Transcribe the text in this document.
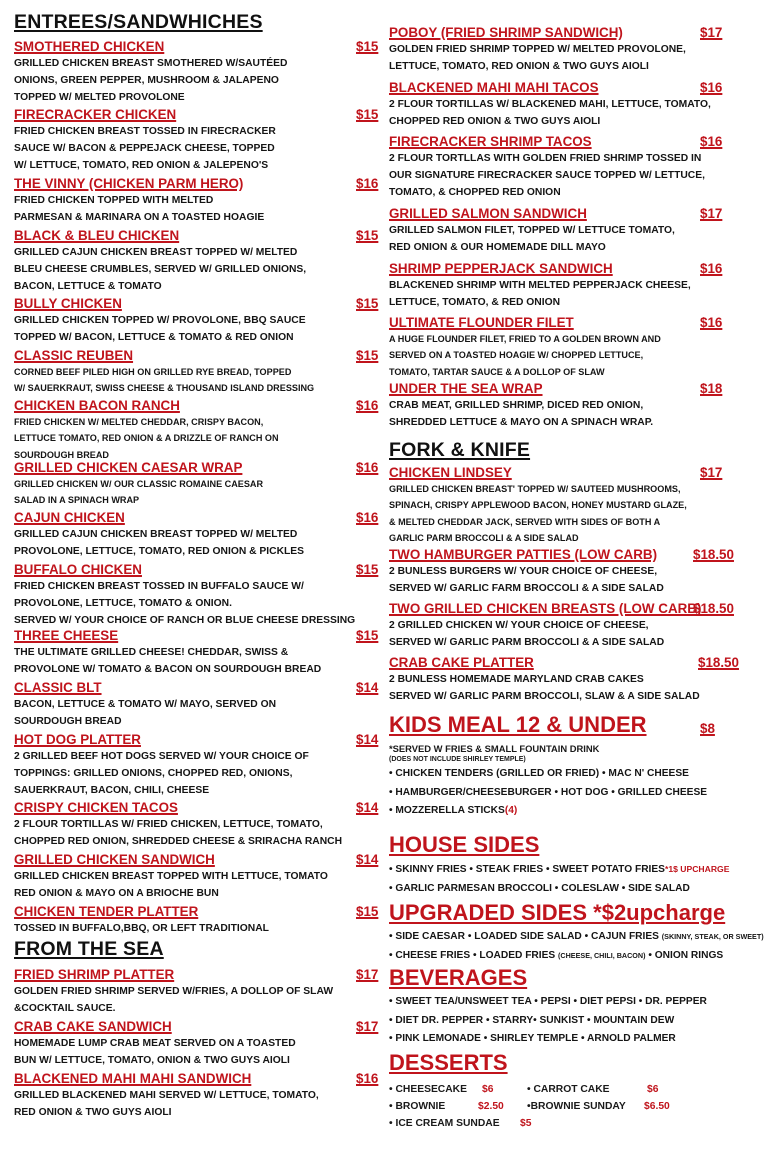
ENTREES/SANDWHICHES
SMOTHERED CHICKEN	$15
GRILLED CHICKEN BREAST SMOTHERED W/SAUTÉED
ONIONS, GREEN PEPPER, MUSHROOM & JALAPENO
TOPPED W/ MELTED PROVOLONE
FIRECRACKER CHICKEN	$15
FRIED CHICKEN BREAST TOSSED IN FIRECRACKER
SAUCE W/ BACON & PEPPEJACK CHEESE, TOPPED
W/ LETTUCE, TOMATO, RED ONION & JALEPENO'S
THE VINNY (CHICKEN PARM HERO)	$16
FRIED CHICKEN TOPPED WITH MELTED
PARMESAN & MARINARA ON A TOASTED HOAGIE
BLACK & BLEU CHICKEN	$15
GRILLED CAJUN CHICKEN BREAST TOPPED W/ MELTED
BLEU CHEESE CRUMBLES, SERVED W/ GRILLED ONIONS,
BACON, LETTUCE & TOMATO
BULLY CHICKEN	$15
GRILLED CHICKEN TOPPED W/ PROVOLONE, BBQ SAUCE
TOPPED W/ BACON, LETTUCE & TOMATO & RED ONION
CLASSIC REUBEN	$15
CORNED BEEF PILED HIGH ON GRILLED RYE BREAD, TOPPED
W/ SAUERKRAUT, SWISS CHEESE & THOUSAND ISLAND DRESSING
CHICKEN BACON RANCH	$16
FRIED CHICKEN W/ MELTED CHEDDAR, CRISPY BACON,
LETTUCE TOMATO, RED ONION & A DRIZZLE OF RANCH ON
SOURDOUGH BREAD
GRILLED CHICKEN CAESAR WRAP	$16
GRILLED CHICKEN W/ OUR CLASSIC ROMAINE CAESAR
SALAD IN A SPINACH WRAP
CAJUN CHICKEN	$16
GRILLED CAJUN CHICKEN BREAST TOPPED W/ MELTED
PROVOLONE, LETTUCE, TOMATO, RED ONION & PICKLES
BUFFALO CHICKEN	$15
FRIED CHICKEN BREAST TOSSED IN BUFFALO SAUCE W/
PROVOLONE, LETTUCE, TOMATO & ONION.
SERVED W/ YOUR CHOICE OF RANCH OR BLUE CHEESE DRESSING
THREE CHEESE	$15
THE ULTIMATE GRILLED CHEESE! CHEDDAR, SWISS &
PROVOLONE W/ TOMATO & BACON ON SOURDOUGH BREAD
CLASSIC BLT	$14
BACON, LETTUCE & TOMATO W/ MAYO, SERVED ON
SOURDOUGH BREAD
HOT DOG PLATTER	$14
2 GRILLED BEEF HOT DOGS SERVED W/ YOUR CHOICE OF
TOPPINGS: GRILLED ONIONS, CHOPPED RED, ONIONS,
SAUERKRAUT, BACON, CHILI, CHEESE
CRISPY CHICKEN TACOS	$14
2 FLOUR TORTILLAS W/ FRIED CHICKEN, LETTUCE, TOMATO,
CHOPPED RED ONION, SHREDDED CHEESE & SRIRACHA RANCH
GRILLED CHICKEN SANDWICH	$14
GRILLED CHICKEN BREAST TOPPED WITH LETTUCE, TOMATO
RED ONION & MAYO ON A BRIOCHE BUN
CHICKEN TENDER PLATTER	$15
TOSSED IN BUFFALO,BBQ, OR LEFT TRADITIONAL
FROM THE SEA
FRIED SHRIMP PLATTER	$17
GOLDEN FRIED SHRIMP SERVED W/FRIES, A DOLLOP OF SLAW
&COCKTAIL SAUCE.
CRAB CAKE SANDWICH	$17
HOMEMADE LUMP CRAB MEAT SERVED ON A TOASTED
BUN W/ LETTUCE, TOMATO, ONION & TWO GUYS AIOLI
BLACKENED MAHI MAHI SANDWICH	$16
GRILLED BLACKENED MAHI SERVED W/ LETTUCE, TOMATO,
RED ONION & TWO GUYS AIOLI
POBOY (FRIED SHRIMP SANDWICH)	$17
GOLDEN FRIED SHRIMP TOPPED W/ MELTED PROVOLONE,
LETTUCE, TOMATO, RED ONION & TWO GUYS AIOLI
BLACKENED MAHI MAHI TACOS	$16
2 FLOUR TORTILLAS W/ BLACKENED MAHI, LETTUCE, TOMATO,
CHOPPED RED ONION & TWO GUYS AIOLI
FIRECRACKER SHRIMP TACOS	$16
2 FLOUR TORTLLAS WITH GOLDEN FRIED SHRIMP TOSSED IN
OUR SIGNATURE FIRECRACKER SAUCE TOPPED W/ LETTUCE,
TOMATO, & CHOPPED RED ONION
GRILLED SALMON SANDWICH	$17
GRILLED SALMON FILET, TOPPED W/ LETTUCE TOMATO,
RED ONION & OUR HOMEMADE DILL MAYO
SHRIMP PEPPERJACK SANDWICH	$16
BLACKENED SHRIMP WITH MELTED PEPPERJACK CHEESE,
LETTUCE, TOMATO, & RED ONION
ULTIMATE FLOUNDER FILET	$16
A HUGE FLOUNDER FILET, FRIED TO A GOLDEN BROWN AND
SERVED ON A TOASTED HOAGIE W/ CHOPPED LETTUCE,
TOMATO, TARTAR SAUCE & A DOLLOP OF SLAW
UNDER THE SEA WRAP	$18
CRAB MEAT, GRILLED SHRIMP, DICED RED ONION,
SHREDDED LETTUCE & MAYO ON A SPINACH WRAP.
FORK & KNIFE
CHICKEN LINDSEY	$17
GRILLED CHICKEN BREAST' TOPPED W/ SAUTEED MUSHROOMS,
SPINACH, CRISPY APPLEWOOD BACON, HONEY MUSTARD GLAZE,
& MELTED CHEDDAR JACK, SERVED WITH SIDES OF BOTH A
GARLIC PARM BROCCOLI & A SIDE SALAD
TWO HAMBURGER PATTIES (LOW CARB)	$18.50
2 BUNLESS BURGERS W/ YOUR CHOICE OF CHEESE,
SERVED W/ GARLIC FARM BROCCOLI & A SIDE SALAD
TWO GRILLED CHICKEN BREASTS (LOW CARB)
$18.50
2 GRILLED CHICKEN W/ YOUR CHOICE OF CHEESE,
SERVED W/ GARLIC PARM BROCCOLI & A SIDE SALAD
CRAB CAKE PLATTER	$18.50
2 BUNLESS HOMEMADE MARYLAND CRAB CAKES
SERVED W/ GARLIC PARM BROCCOLI, SLAW & A SIDE SALAD
KIDS MEAL 12 & UNDER	$8
*SERVED W FRIES & SMALL FOUNTAIN DRINK
(DOES NOT INCLUDE SHIRLEY TEMPLE)
• CHICKEN TENDERS (GRILLED OR FRIED) • MAC N' CHEESE
• HAMBURGER/CHEESEBURGER • HOT DOG • GRILLED CHEESE
• MOZZERELLA STICKS(4)
HOUSE SIDES
• SKINNY FRIES • STEAK FRIES • SWEET POTATO FRIES*1$ UPCHARGE
• GARLIC PARMESAN BROCCOLI • COLESLAW • SIDE SALAD
UPGRADED SIDES *$2upcharge
• SIDE CAESAR • LOADED SIDE SALAD • CAJUN FRIES (SKINNY, STEAK, OR SWEET)
• CHEESE FRIES • LOADED FRIES (CHEESE, CHILI, BACON) • ONION RINGS
BEVERAGES
• SWEET TEA/UNSWEET TEA • PEPSI • DIET PEPSI • DR. PEPPER
• DIET DR. PEPPER • STARRY• SUNKIST • MOUNTAIN DEW
• PINK LEMONADE • SHIRLEY TEMPLE • ARNOLD PALMER
DESSERTS
• CHEESECAKE $6	• CARROT CAKE	$6
• BROWNIE	$2.50 •BROWNIE SUNDAY $6.50
• ICE CREAM SUNDAE $5
